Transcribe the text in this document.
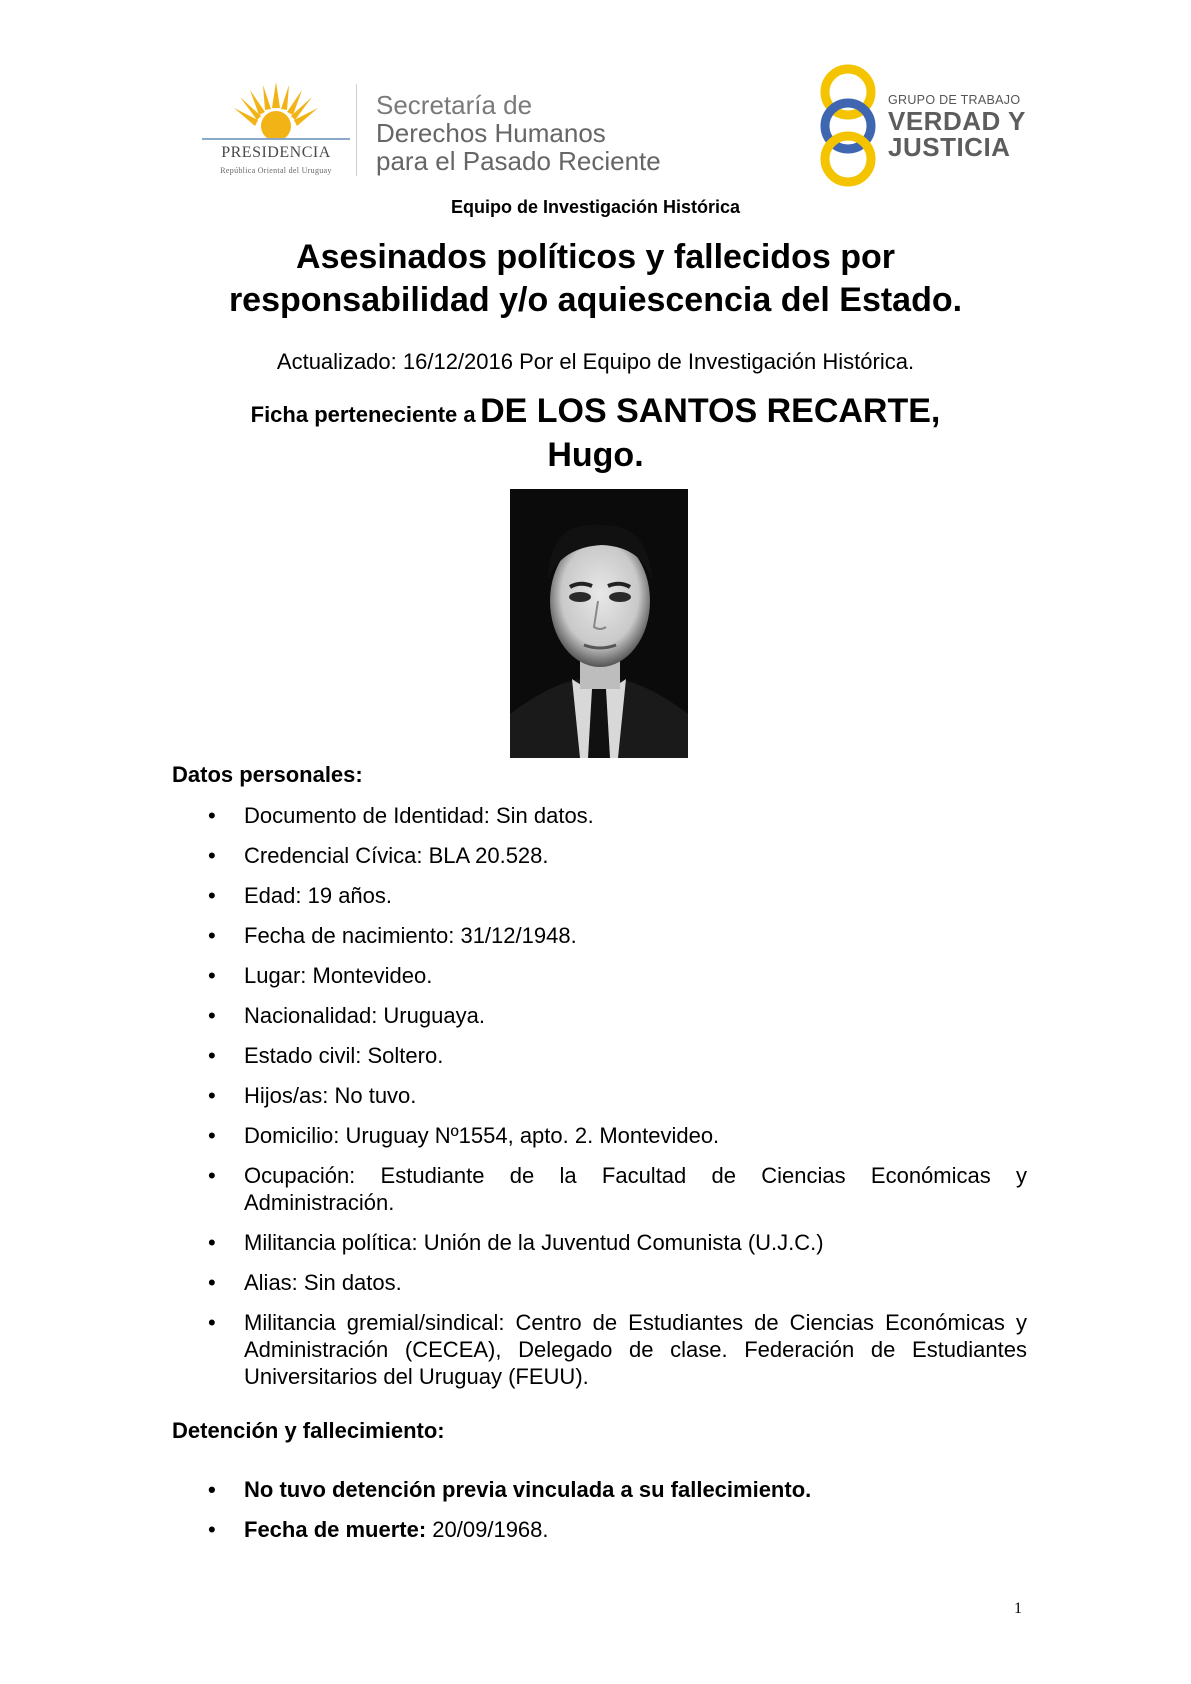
PRESIDENCIA
República Oriental del Uruguay
Secretaría de
Derechos Humanos
para el Pasado Reciente
GRUPO DE TRABAJO
VERDAD Y
JUSTICIA
Equipo de Investigación Histórica
Asesinados políticos y fallecidos por
responsabilidad y/o aquiescencia del Estado.
Actualizado: 16/12/2016 Por el Equipo de Investigación Histórica.
Ficha perteneciente a DE LOS SANTOS RECARTE,
Hugo.
Datos personales:
• Documento de Identidad: Sin datos.
• Credencial Cívica: BLA 20.528.
• Edad: 19 años.
• Fecha de nacimiento: 31/12/1948.
• Lugar: Montevideo.
• Nacionalidad: Uruguaya.
• Estado civil: Soltero.
• Hijos/as: No tuvo.
• Domicilio: Uruguay Nº1554, apto. 2. Montevideo.
• Ocupación: Estudiante de la Facultad de Ciencias Económicas y Administración.
• Militancia política: Unión de la Juventud Comunista (U.J.C.)
• Alias: Sin datos.
• Militancia gremial/sindical: Centro de Estudiantes de Ciencias Económicas y Administración (CECEA), Delegado de clase. Federación de Estudiantes Universitarios del Uruguay (FEUU).
Detención y fallecimiento:
• No tuvo detención previa vinculada a su fallecimiento.
• Fecha de muerte: 20/09/1968.
1
